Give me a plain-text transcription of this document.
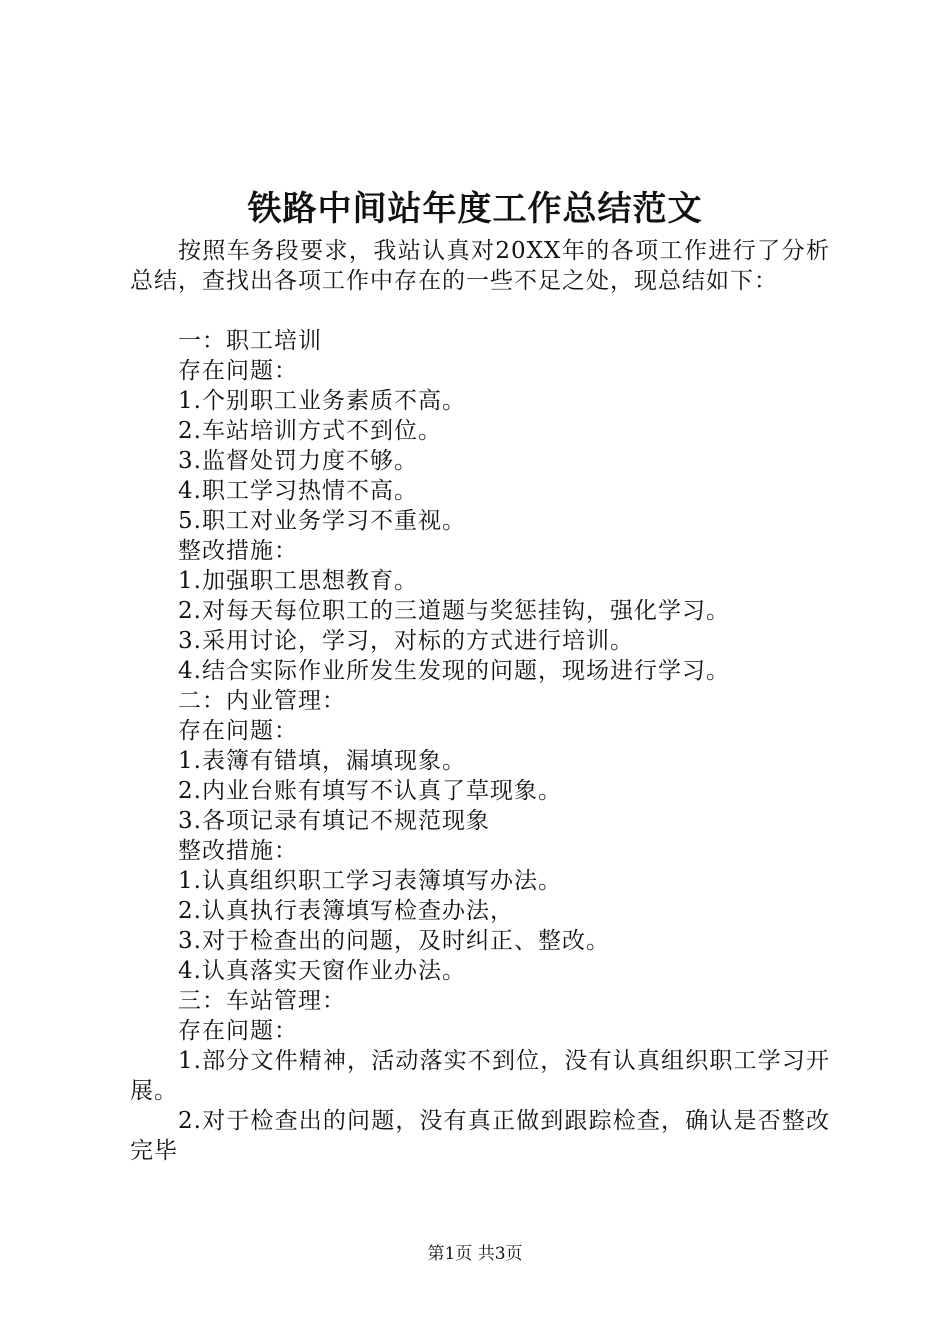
铁路中间站年度工作总结范文

按照车务段要求，我站认真对20XX年的各项工作进行了分析总结，查找出各项工作中存在的一些不足之处，现总结如下：

一：职工培训

存在问题：

1.个别职工业务素质不高。

2.车站培训方式不到位。

3.监督处罚力度不够。

4.职工学习热情不高。

5.职工对业务学习不重视。

整改措施：

1.加强职工思想教育。

2.对每天每位职工的三道题与奖惩挂钩，强化学习。

3.采用讨论，学习，对标的方式进行培训。

4.结合实际作业所发生发现的问题，现场进行学习。

二：内业管理：

存在问题：

1.表簿有错填，漏填现象。

2.内业台账有填写不认真了草现象。

3.各项记录有填记不规范现象

整改措施：

1.认真组织职工学习表簿填写办法。

2.认真执行表簿填写检查办法，

3.对于检查出的问题，及时纠正、整改。

4.认真落实天窗作业办法。

三：车站管理：

存在问题：

1.部分文件精神，活动落实不到位，没有认真组织职工学习开展。

2.对于检查出的问题，没有真正做到跟踪检查，确认是否整改完毕

第1页 共3页
